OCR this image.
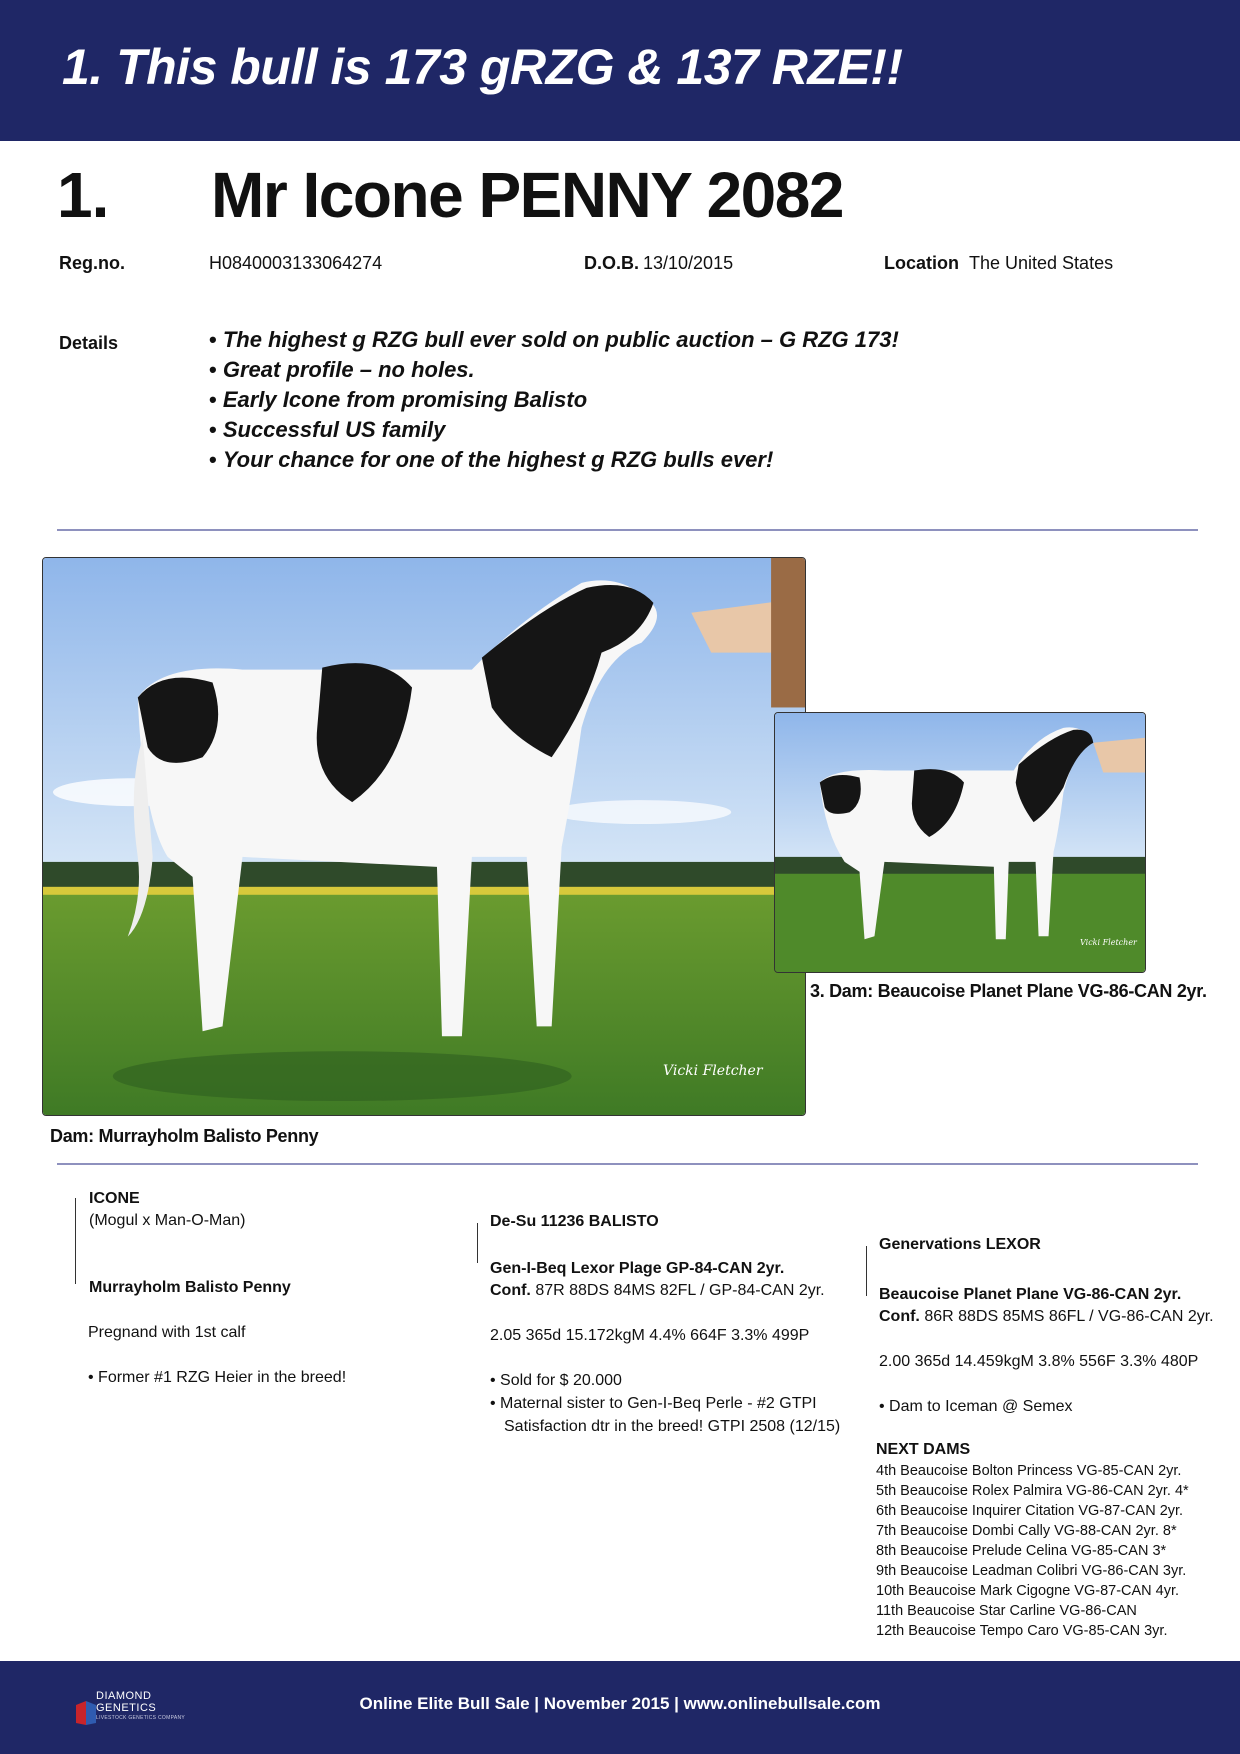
1. This bull is 173 gRZG & 137 RZE!!
1. Mr Icone PENNY 2082
Reg.no.	H0840003133064274	D.O.B. 13/10/2015	Location The United States
Details
•	The highest g RZG bull ever sold on public auction – G RZG 173!
• Great profile – no holes.
• Early Icone from promising Balisto
• Successful US family
• Your chance for one of the highest g RZG bulls ever!
Vicki Fletcher
Vicki Fletcher
3. Dam: Beaucoise Planet Plane VG-86-CAN 2yr.
Dam: Murrayholm Balisto Penny
ICONE
(Mogul x Man-O-Man)
Murrayholm Balisto Penny
Pregnand with 1st calf
• Former #1 RZG Heier in the breed!
De-Su 11236 BALISTO
Gen-I-Beq Lexor Plage GP-84-CAN 2yr.
Conf. 87R 88DS 84MS 82FL / GP-84-CAN 2yr.
2.05 365d 15.172kgM 4.4% 664F 3.3% 499P
• Sold for $ 20.000
• Maternal sister to Gen-I-Beq Perle - #2 GTPI
Satisfaction dtr in the breed! GTPI 2508 (12/15)
Genervations LEXOR
Beaucoise Planet Plane VG-86-CAN 2yr.
Conf. 86R 88DS 85MS 86FL / VG-86-CAN 2yr.
2.00 365d 14.459kgM 3.8% 556F 3.3% 480P
• Dam to Iceman @ Semex
NEXT DAMS
4th Beaucoise Bolton Princess VG-85-CAN 2yr.
5th Beaucoise Rolex Palmira VG-86-CAN 2yr. 4*
6th Beaucoise Inquirer Citation VG-87-CAN 2yr.
7th Beaucoise Dombi Cally VG-88-CAN 2yr. 8*
8th Beaucoise Prelude Celina VG-85-CAN 3*
9th Beaucoise Leadman Colibri VG-86-CAN 3yr.
10th Beaucoise Mark Cigogne VG-87-CAN 4yr.
11th Beaucoise Star Carline VG-86-CAN
12th Beaucoise Tempo Caro VG-85-CAN 3yr.
DIAMOND
GENETICS
LIVESTOCK GENETICS COMPANY
Online Elite Bull Sale | November 2015 | www.onlinebullsale.com
